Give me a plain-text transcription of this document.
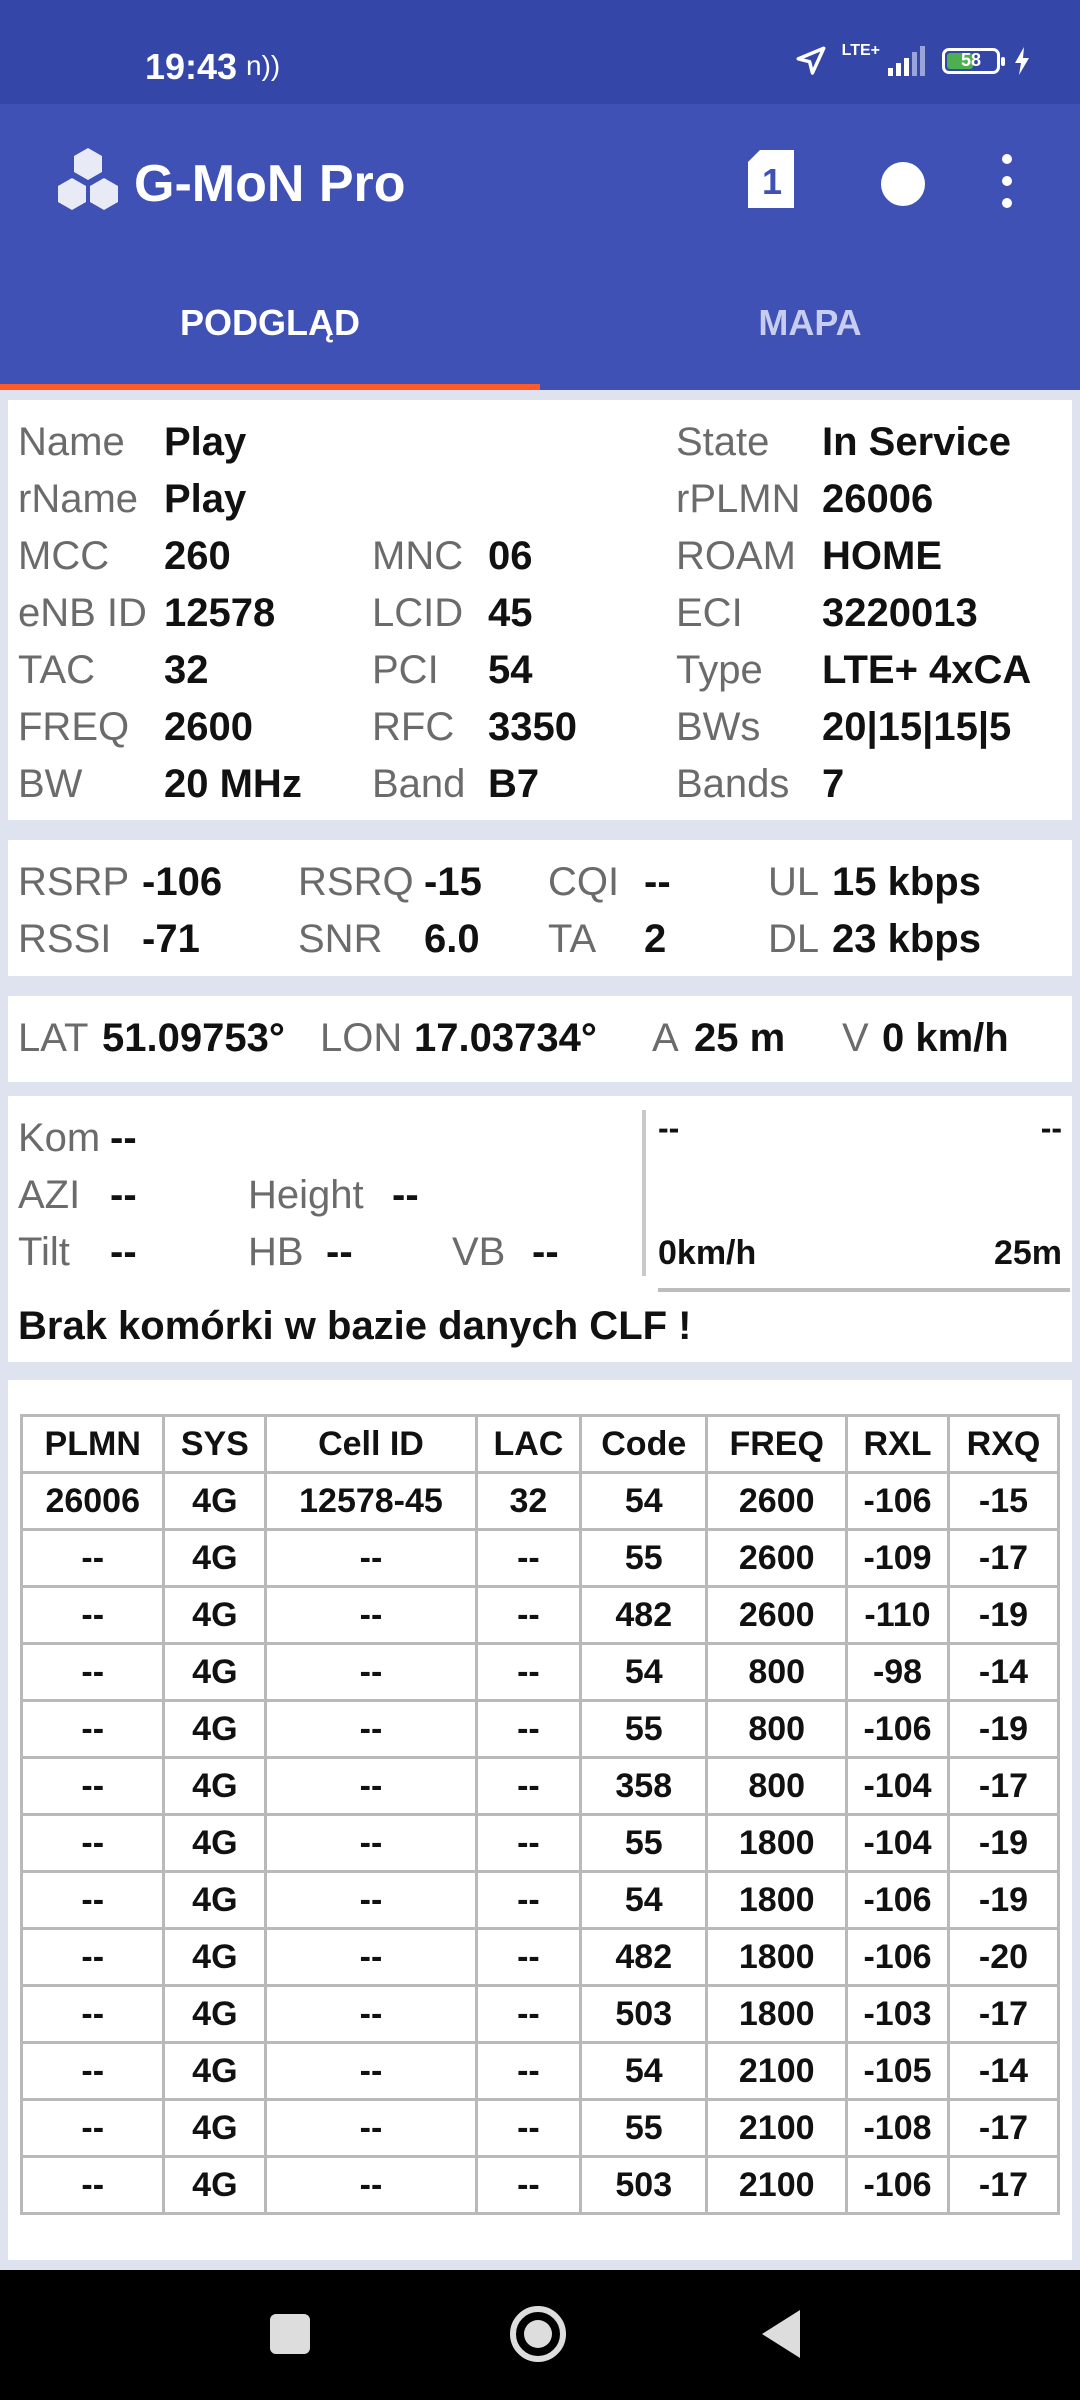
19:43 n))	LTE+	58
G-MoN Pro	1
PODGLĄD	MAPA
Name Play	State In Service
rName Play	rPLMN 26006
MCC 260	MNC 06	ROAM HOME
eNB ID 12578 LCID 45	ECI 3220013
TAC 32	PCI 54	Type LTE+ 4xCA
FREQ 2600	RFC 3350 BWs 20|15|15|5
BW 20 MHz Band B7	Bands 7
RSRP -106 RSRQ -15 CQI -- UL 15 kbps
RSSI -71 SNR 6.0 TA 2	DL 23 kbps
LAT 51.09753° LON 17.03734° A 25 m V 0 km/h
Kom --
AZI --	Height --
Tilt --	HB -- VB --
--	--
0km/h	25m
Brak komórki w bazie danych CLF !
PLMN	SYS	Cell ID	LAC	Code	FREQ	RXL	RXQ
26006	4G	12578-45	32	54	2600	-106	-15
--	4G	--	--	55	2600	-109	-17
--	4G	--	--	482	2600	-110	-19
--	4G	--	--	54	800	-98	-14
--	4G	--	--	55	800	-106	-19
--	4G	--	--	358	800	-104	-17
--	4G	--	--	55	1800	-104	-19
--	4G	--	--	54	1800	-106	-19
--	4G	--	--	482	1800	-106	-20
--	4G	--	--	503	1800	-103	-17
--	4G	--	--	54	2100	-105	-14
--	4G	--	--	55	2100	-108	-17
--	4G	--	--	503	2100	-106	-17
